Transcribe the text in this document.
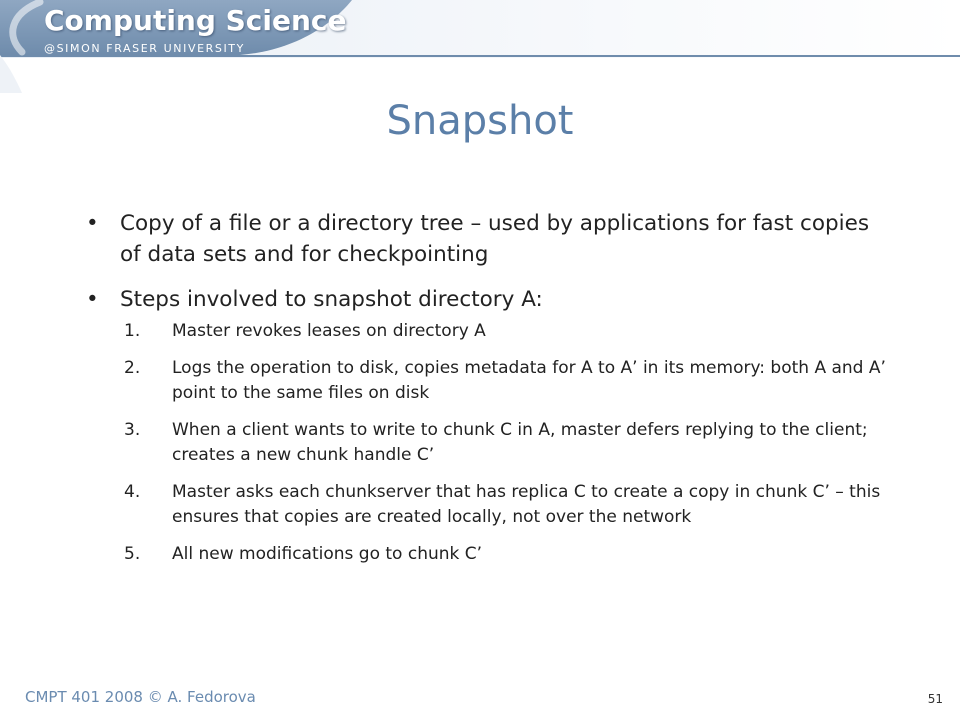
Computing Science
@SIMON FRASER UNIVERSITY
Snapshot
• Copy of a file or a directory tree – used by applications for fast copies of data sets and for checkpointing
• Steps involved to snapshot directory A:
1. Master revokes leases on directory A
2. Logs the operation to disk, copies metadata for A to A’ in its memory: both A and A’ point to the same files on disk
3. When a client wants to write to chunk C in A, master defers replying to the client; creates a new chunk handle C’
4. Master asks each chunkserver that has replica C to create a copy in chunk C’ – this ensures that copies are created locally, not over the network
5. All new modifications go to chunk C’
CMPT 401 2008 © A. Fedorova	51
